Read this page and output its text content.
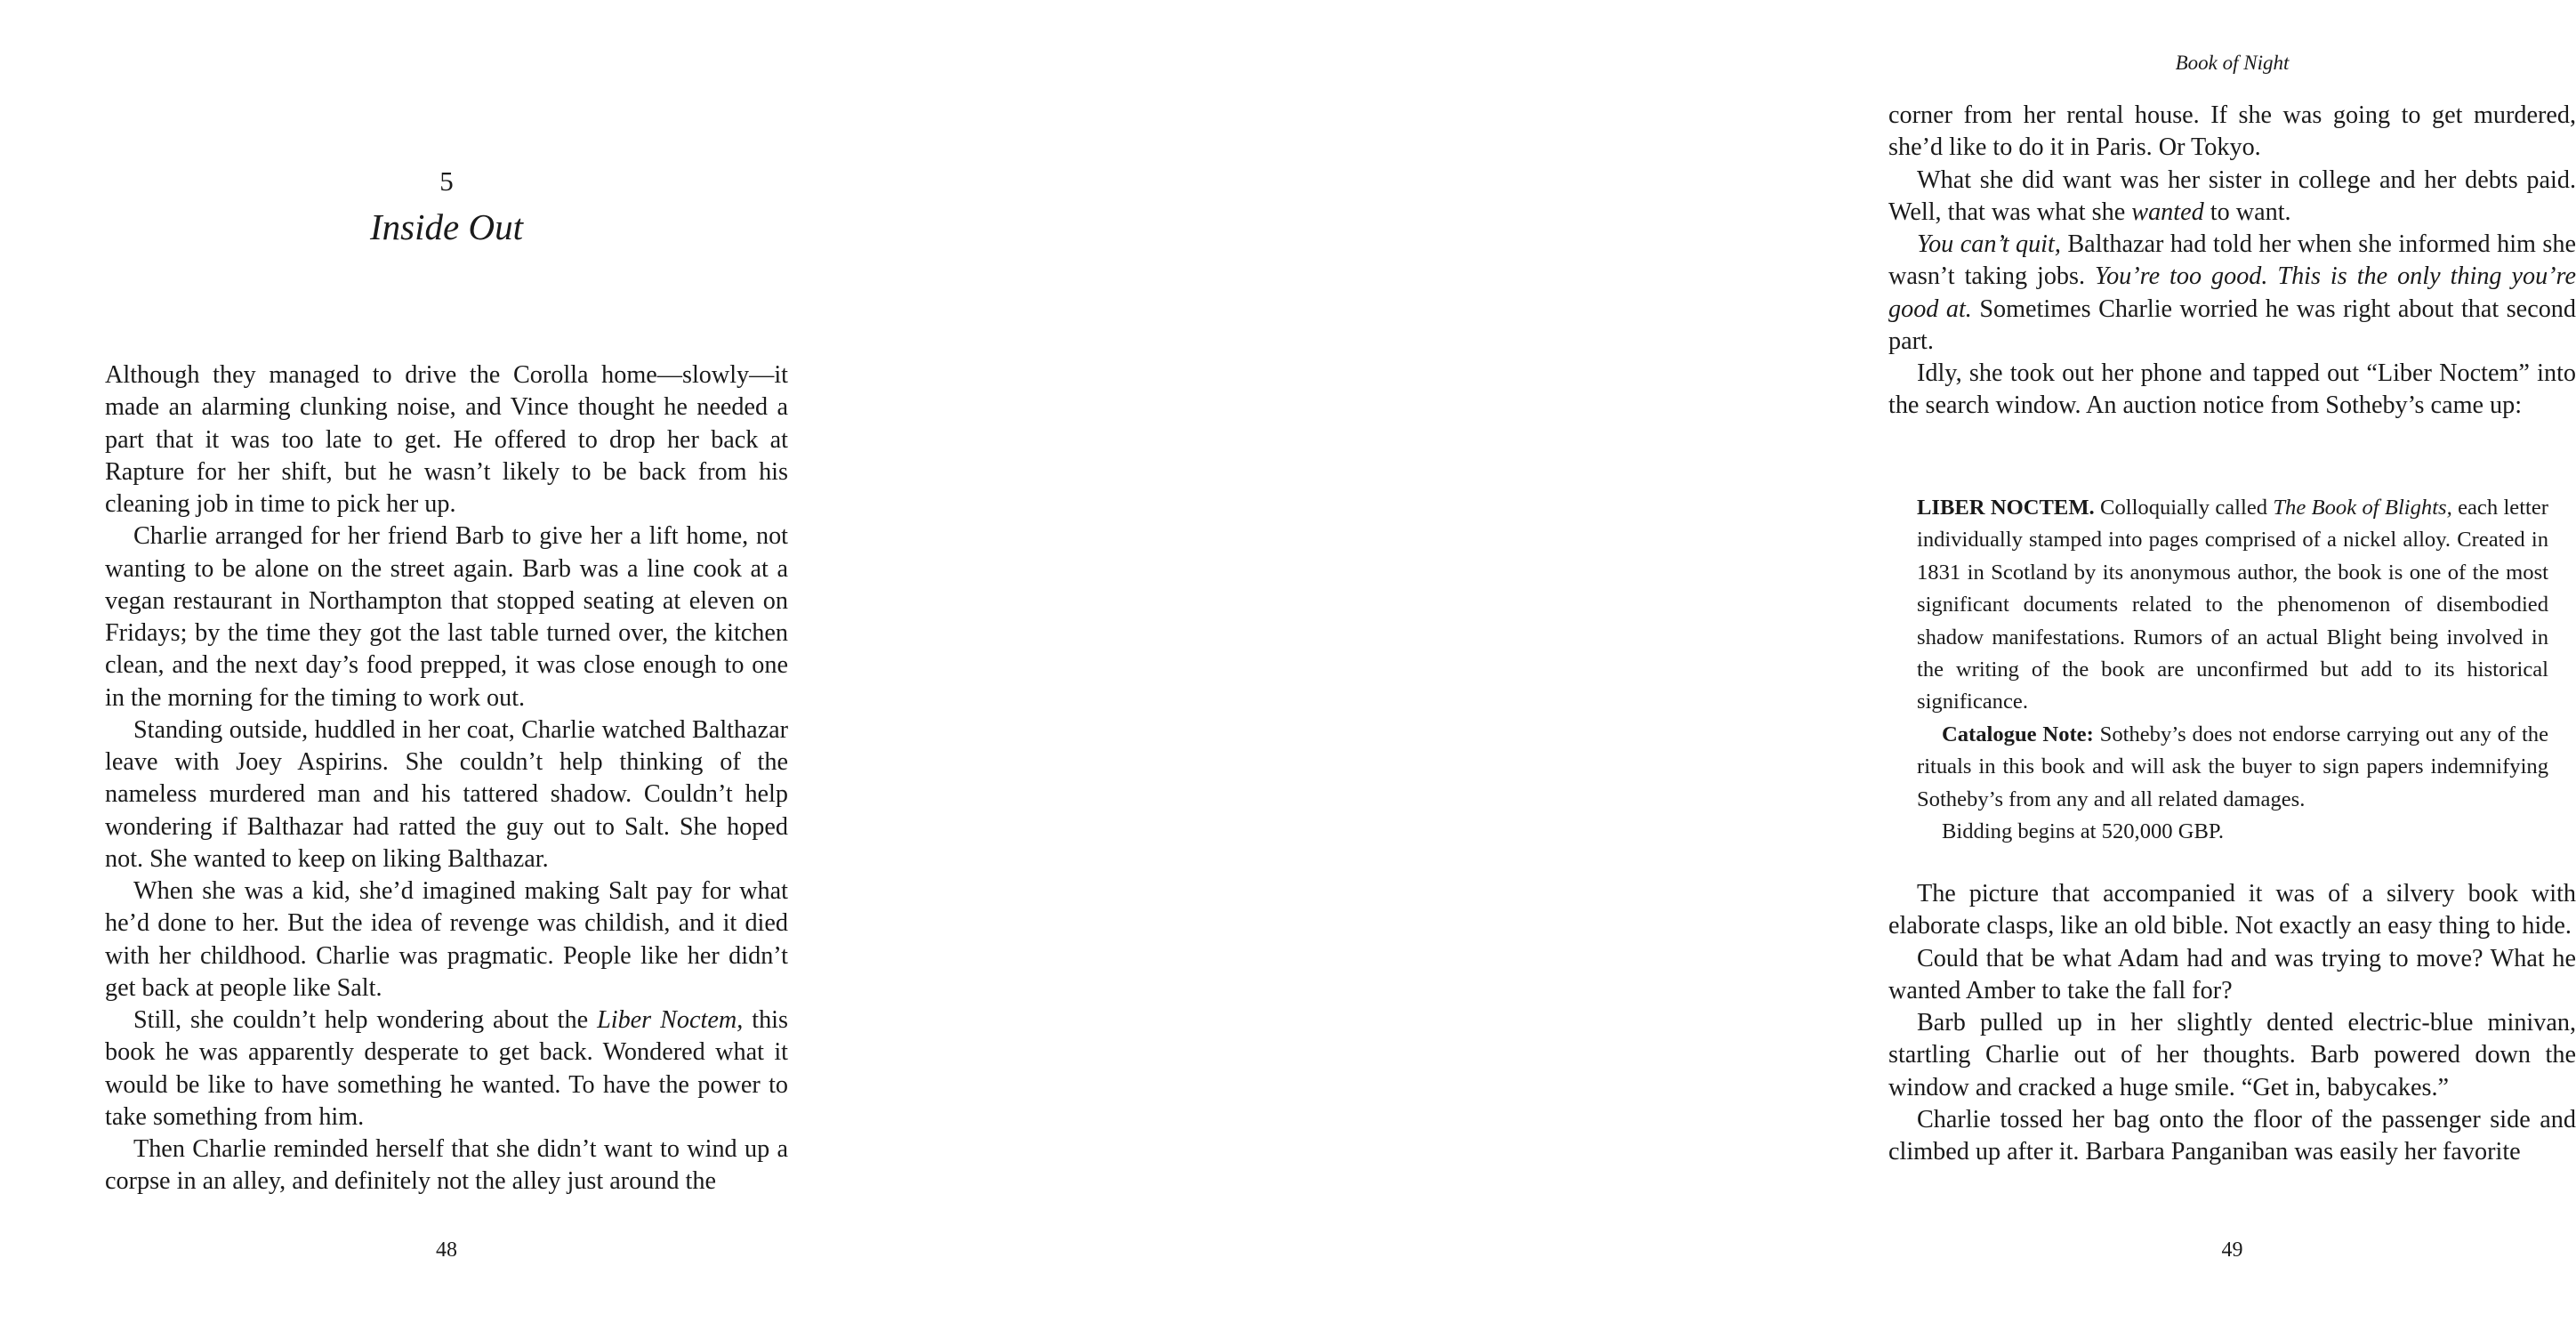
5
Inside Out

Although they managed to drive the Corolla home—slowly—it made an alarming clunking noise, and Vince thought he needed a part that it was too late to get. He offered to drop her back at Rapture for her shift, but he wasn’t likely to be back from his cleaning job in time to pick her up.

Charlie arranged for her friend Barb to give her a lift home, not wanting to be alone on the street again. Barb was a line cook at a vegan restaurant in Northampton that stopped seating at eleven on Fridays; by the time they got the last table turned over, the kitchen clean, and the next day’s food prepped, it was close enough to one in the morning for the timing to work out.

Standing outside, huddled in her coat, Charlie watched Balthazar leave with Joey Aspirins. She couldn’t help thinking of the nameless murdered man and his tattered shadow. Couldn’t help wondering if Balthazar had ratted the guy out to Salt. She hoped not. She wanted to keep on liking Balthazar.

When she was a kid, she’d imagined making Salt pay for what he’d done to her. But the idea of revenge was childish, and it died with her childhood. Charlie was pragmatic. People like her didn’t get back at people like Salt.

Still, she couldn’t help wondering about the Liber Noctem, this book he was apparently desperate to get back. Wondered what it would be like to have something he wanted. To have the power to take something from him.

Then Charlie reminded herself that she didn’t want to wind up a corpse in an alley, and definitely not the alley just around the

48
Book of Night

corner from her rental house. If she was going to get murdered, she’d like to do it in Paris. Or Tokyo.

What she did want was her sister in college and her debts paid. Well, that was what she wanted to want.

You can’t quit, Balthazar had told her when she informed him she wasn’t taking jobs. You’re too good. This is the only thing you’re good at. Sometimes Charlie worried he was right about that second part.

Idly, she took out her phone and tapped out “Liber Noctem” into the search window. An auction notice from Sotheby’s came up:

LIBER NOCTEM. Colloquially called The Book of Blights, each letter individually stamped into pages comprised of a nickel alloy. Created in 1831 in Scotland by its anonymous author, the book is one of the most significant documents related to the phenomenon of disembodied shadow manifestations. Rumors of an actual Blight being involved in the writing of the book are unconfirmed but add to its historical significance.

Catalogue Note: Sotheby’s does not endorse carrying out any of the rituals in this book and will ask the buyer to sign papers indemnifying Sotheby’s from any and all related damages.

Bidding begins at 520,000 GBP.

The picture that accompanied it was of a silvery book with elaborate clasps, like an old bible. Not exactly an easy thing to hide.

Could that be what Adam had and was trying to move? What he wanted Amber to take the fall for?

Barb pulled up in her slightly dented electric-blue minivan, startling Charlie out of her thoughts. Barb powered down the window and cracked a huge smile. “Get in, babycakes.”

Charlie tossed her bag onto the floor of the passenger side and climbed up after it. Barbara Panganiban was easily her favorite

49
